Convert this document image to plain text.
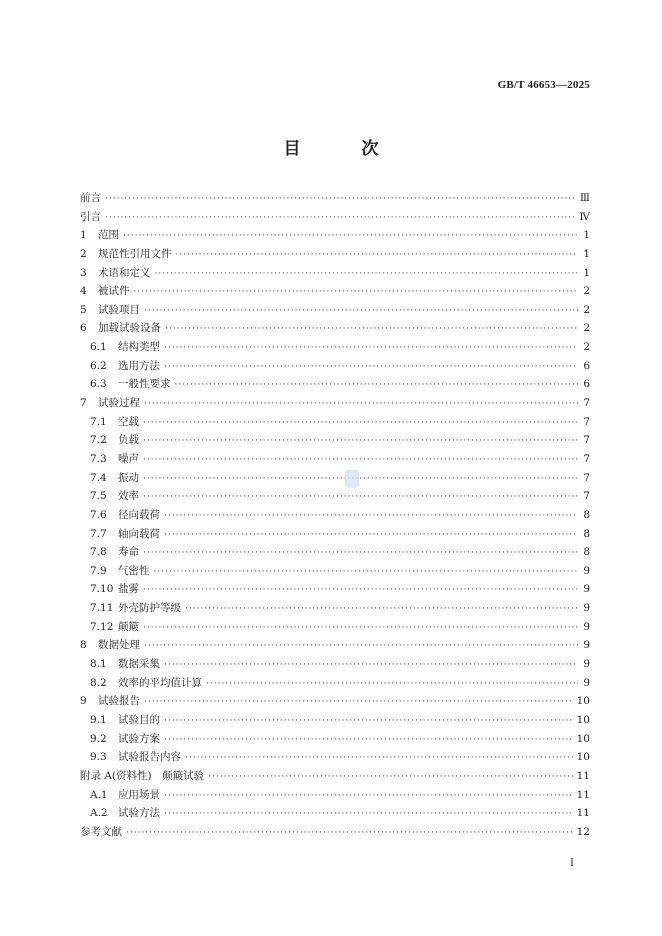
GB/T 46653—2025
目　次
前言 ·····	Ⅲ
引言 ·····	Ⅳ
1	范围 ·····	1
2	规范性引用文件 ·····	1
3	术语和定义 ·····	1
4	被试件 ·····	2
5	试验项目 ·····	2
6	加载试验设备 ·····	2
6.1	结构类型 ·····	2
6.2	选用方法 ·····	6
6.3	一般性要求 ·····	6
7	试验过程 ·····	7
7.1	空载 ·····	7
7.2	负载 ·····	7
7.3	噪声 ·····	7
7.4	振动 ·····	7
7.5	效率 ·····	7
7.6	径向载荷 ·····	8
7.7	轴向载荷 ·····	8
7.8	寿命 ·····	8
7.9	气密性 ·····	9
7.10 盐雾 ·····	9
7.11 外壳防护等级 ·····	9
7.12 颠簸 ·····	9
8	数据处理 ·····	9
8.1	数据采集 ·····	9
8.2	效率的平均值计算 ·····	9
9	试验报告 ·····	10
9.1	试验目的 ·····	10
9.2	试验方案 ·····	10
9.3	试验报告内容 ·····	10
附录 A(资料性)　颠簸试验 ·····	11
A.1 应用场景 ·····	11
A.2 试验方法 ·····	11
参考文献 ·····	12
I
